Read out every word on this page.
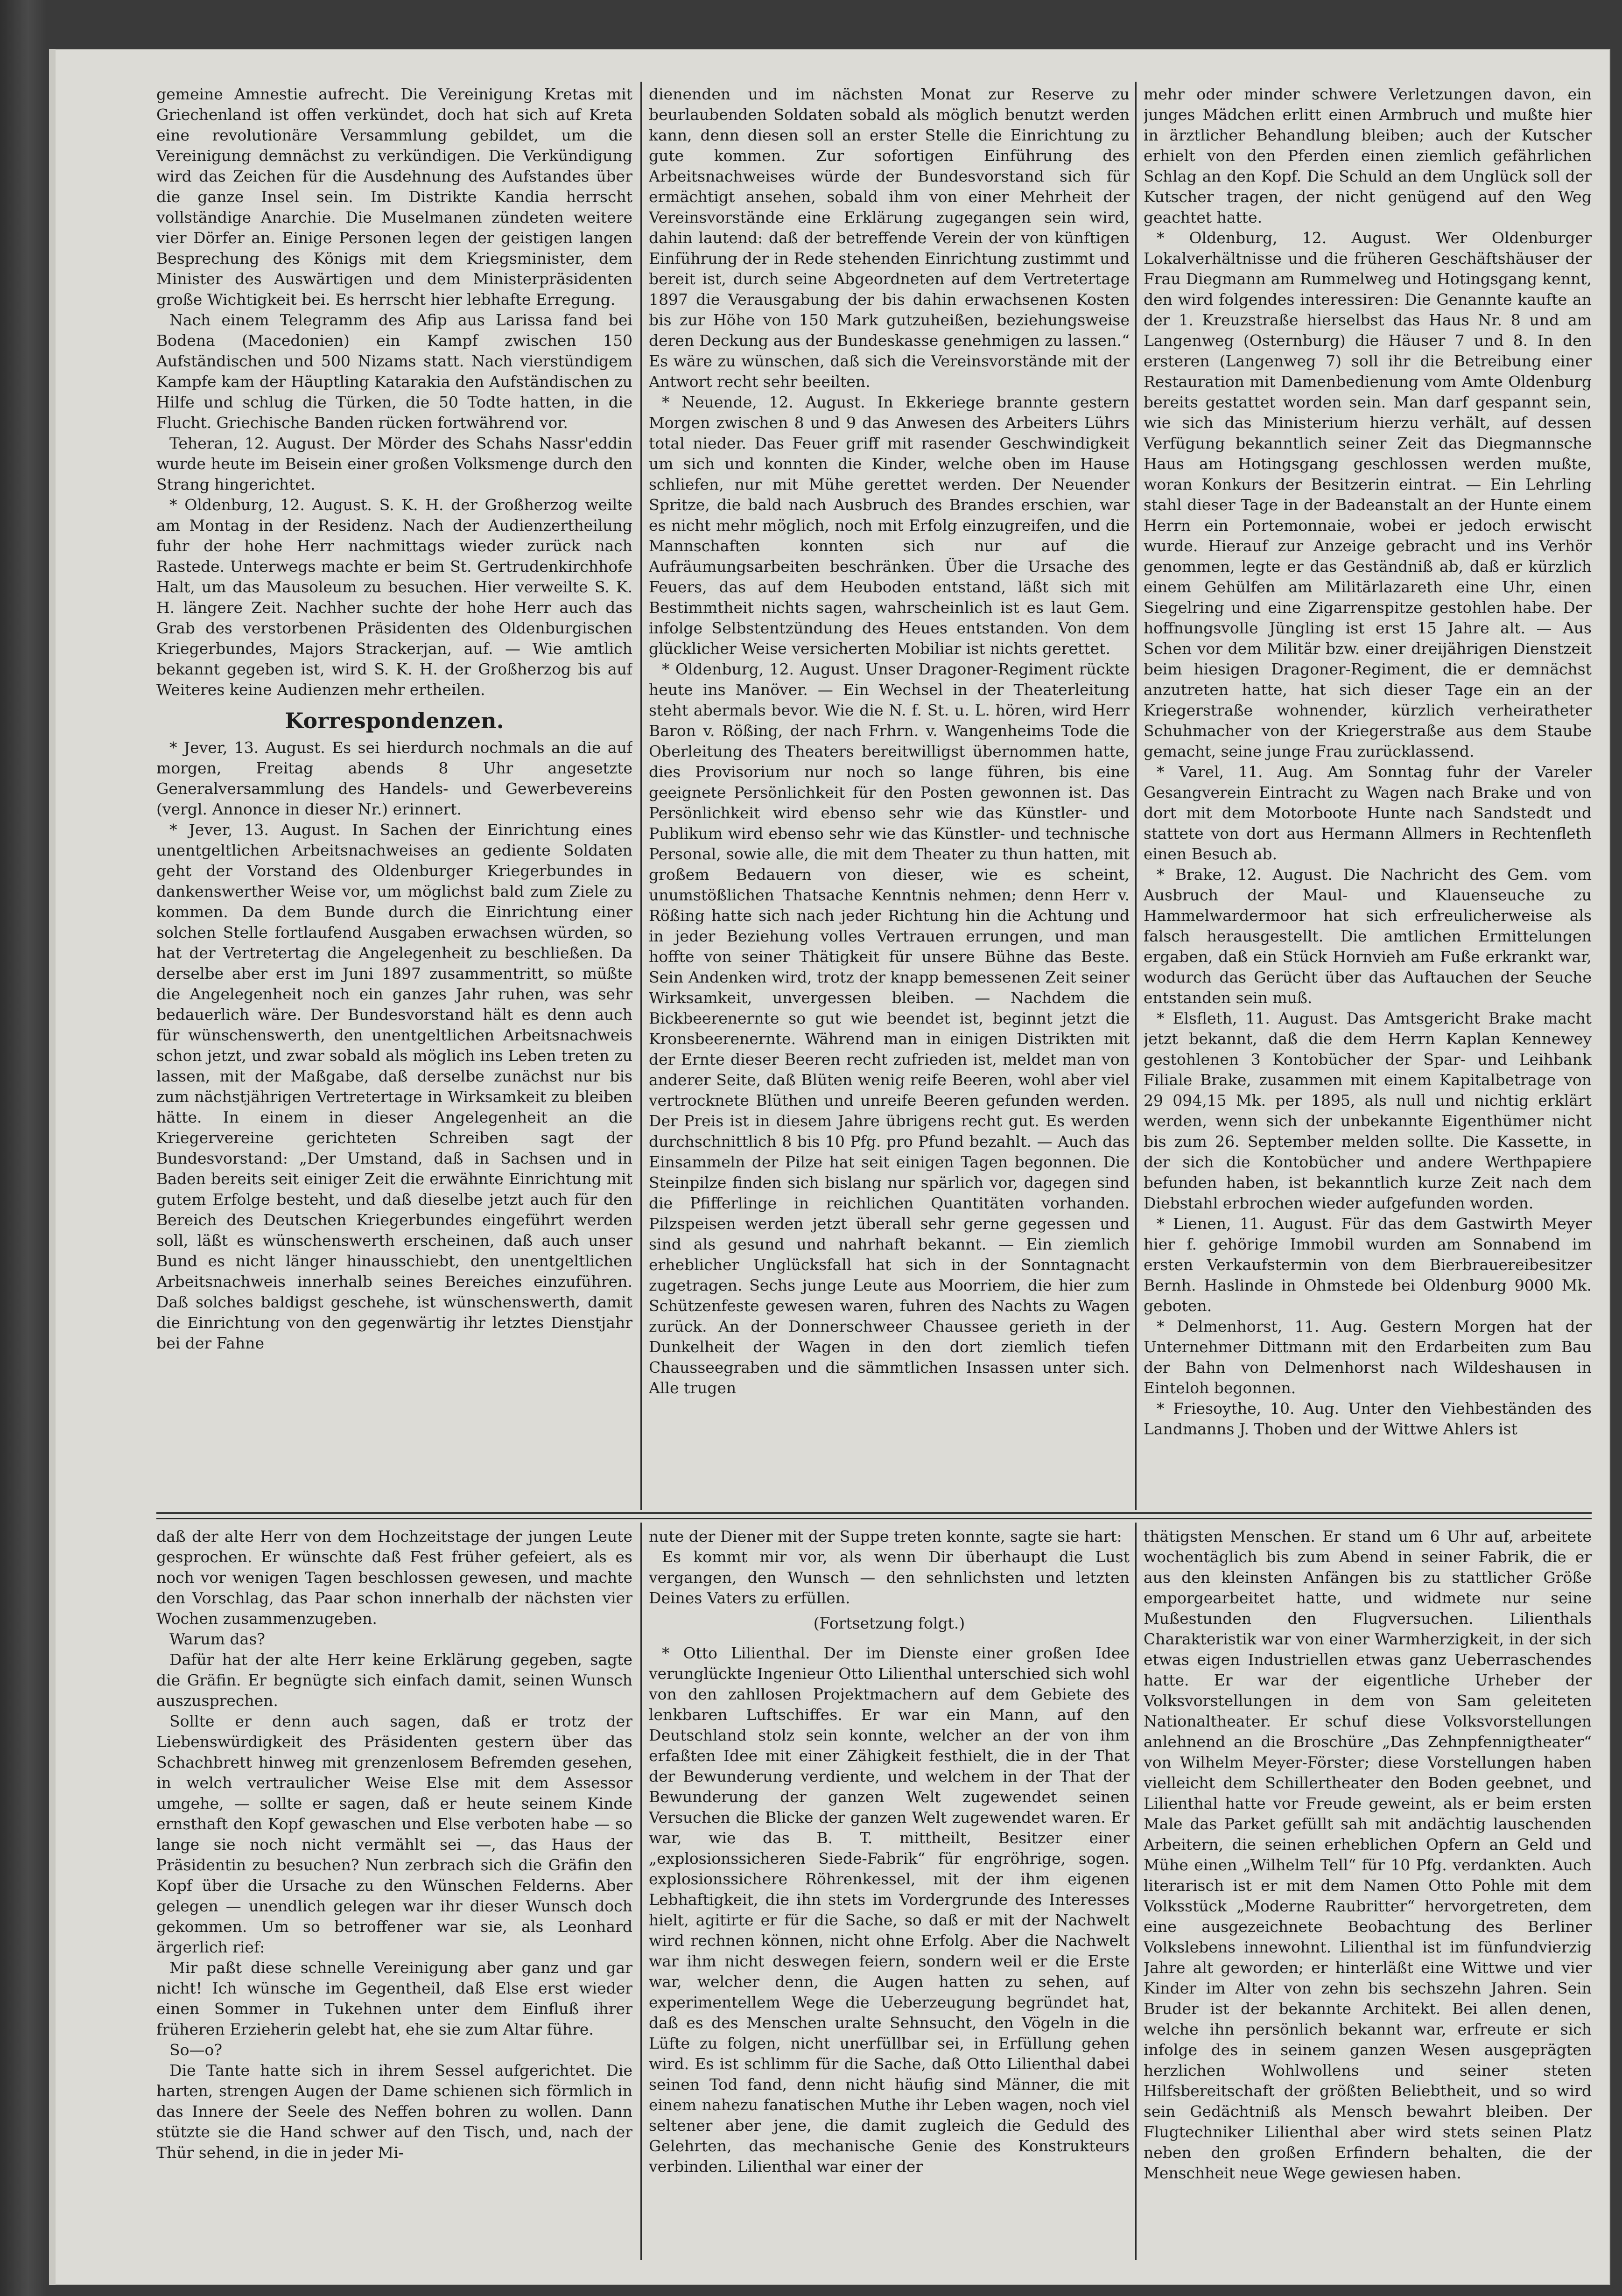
gemeine Amnestie aufrecht. Die Vereinigung Kretas mit Griechenland ist offen verkündet, doch hat sich auf Kreta eine revolutionäre Versammlung gebildet, um die Vereinigung demnächst zu verkündigen. Die Verkündigung wird das Zeichen für die Ausdehnung des Aufstandes über die ganze Insel sein. Im Distrikte Kandia herrscht vollständige Anarchie. Die Muselmanen zündeten weitere vier Dörfer an. Einige Personen legen der geistigen langen Besprechung des Königs mit dem Kriegsminister, dem Minister des Auswärtigen und dem Ministerpräsidenten große Wichtigkeit bei. Es herrscht hier lebhafte Erregung.

Nach einem Telegramm des Afip aus Larissa fand bei Bodena (Macedonien) ein Kampf zwischen 150 Aufständischen und 500 Nizams statt. Nach vierstündigem Kampfe kam der Häuptling Katarakia den Aufständischen zu Hilfe und schlug die Türken, die 50 Todte hatten, in die Flucht. Griechische Banden rücken fortwährend vor.

Teheran, 12. August. Der Mörder des Schahs Nassr'eddin wurde heute im Beisein einer großen Volksmenge durch den Strang hingerichtet.

* Oldenburg, 12. August. S. K. H. der Großherzog weilte am Montag in der Residenz. Nach der Audienzertheilung fuhr der hohe Herr nachmittags wieder zurück nach Rastede. Unterwegs machte er beim St. Gertrudenkirchhofe Halt, um das Mausoleum zu besuchen. Hier verweilte S. K. H. längere Zeit. Nachher suchte der hohe Herr auch das Grab des verstorbenen Präsidenten des Oldenburgischen Kriegerbundes, Majors Strackerjan, auf. — Wie amtlich bekannt gegeben ist, wird S. K. H. der Großherzog bis auf Weiteres keine Audienzen mehr ertheilen.

Korrespondenzen.

* Jever, 13. August. Es sei hierdurch nochmals an die auf morgen, Freitag abends 8 Uhr angesetzte Generalversammlung des Handels- und Gewerbevereins (vergl. Annonce in dieser Nr.) erinnert.

* Jever, 13. August. In Sachen der Einrichtung eines unentgeltlichen Arbeitsnachweises an gediente Soldaten geht der Vorstand des Oldenburger Kriegerbundes in dankenswerther Weise vor, um möglichst bald zum Ziele zu kommen. Da dem Bunde durch die Einrichtung einer solchen Stelle fortlaufend Ausgaben erwachsen würden, so hat der Vertretertag die Angelegenheit zu beschließen. Da derselbe aber erst im Juni 1897 zusammentritt, so müßte die Angelegenheit noch ein ganzes Jahr ruhen, was sehr bedauerlich wäre. Der Bundesvorstand hält es denn auch für wünschenswerth, den unentgeltlichen Arbeitsnachweis schon jetzt, und zwar sobald als möglich ins Leben treten zu lassen, mit der Maßgabe, daß derselbe zunächst nur bis zum nächstjährigen Vertretertage in Wirksamkeit zu bleiben hätte. In einem in dieser Angelegenheit an die Kriegervereine gerichteten Schreiben sagt der Bundesvorstand: „Der Umstand, daß in Sachsen und in Baden bereits seit einiger Zeit die erwähnte Einrichtung mit gutem Erfolge besteht, und daß dieselbe jetzt auch für den Bereich des Deutschen Kriegerbundes eingeführt werden soll, läßt es wünschenswerth erscheinen, daß auch unser Bund es nicht länger hinausschiebt, den unentgeltlichen Arbeitsnachweis innerhalb seines Bereiches einzuführen. Daß solches baldigst geschehe, ist wünschenswerth, damit die Einrichtung von den gegenwärtig ihr letztes Dienstjahr bei der Fahne

dienenden und im nächsten Monat zur Reserve zu beurlaubenden Soldaten sobald als möglich benutzt werden kann, denn diesen soll an erster Stelle die Einrichtung zu gute kommen. Zur sofortigen Einführung des Arbeitsnachweises würde der Bundesvorstand sich für ermächtigt ansehen, sobald ihm von einer Mehrheit der Vereinsvorstände eine Erklärung zugegangen sein wird, dahin lautend: daß der betreffende Verein der von künftigen Einführung der in Rede stehenden Einrichtung zustimmt und bereit ist, durch seine Abgeordneten auf dem Vertretertage 1897 die Verausgabung der bis dahin erwachsenen Kosten bis zur Höhe von 150 Mark gutzuheißen, beziehungsweise deren Deckung aus der Bundeskasse genehmigen zu lassen.“ Es wäre zu wünschen, daß sich die Vereinsvorstände mit der Antwort recht sehr beeilten.

* Neuende, 12. August. In Ekkeriege brannte gestern Morgen zwischen 8 und 9 das Anwesen des Arbeiters Lührs total nieder. Das Feuer griff mit rasender Geschwindigkeit um sich und konnten die Kinder, welche oben im Hause schliefen, nur mit Mühe gerettet werden. Der Neuender Spritze, die bald nach Ausbruch des Brandes erschien, war es nicht mehr möglich, noch mit Erfolg einzugreifen, und die Mannschaften konnten sich nur auf die Aufräumungsarbeiten beschränken. Über die Ursache des Feuers, das auf dem Heuboden entstand, läßt sich mit Bestimmtheit nichts sagen, wahrscheinlich ist es laut Gem. infolge Selbstentzündung des Heues entstanden. Von dem glücklicher Weise versicherten Mobiliar ist nichts gerettet.

* Oldenburg, 12. August. Unser Dragoner-Regiment rückte heute ins Manöver. — Ein Wechsel in der Theaterleitung steht abermals bevor. Wie die N. f. St. u. L. hören, wird Herr Baron v. Rößing, der nach Frhrn. v. Wangenheims Tode die Oberleitung des Theaters bereitwilligst übernommen hatte, dies Provisorium nur noch so lange führen, bis eine geeignete Persönlichkeit für den Posten gewonnen ist. Das Persönlichkeit wird ebenso sehr wie das Künstler- und Publikum wird ebenso sehr wie das Künstler- und technische Personal, sowie alle, die mit dem Theater zu thun hatten, mit großem Bedauern von dieser, wie es scheint, unumstößlichen Thatsache Kenntnis nehmen; denn Herr v. Rößing hatte sich nach jeder Richtung hin die Achtung und in jeder Beziehung volles Vertrauen errungen, und man hoffte von seiner Thätigkeit für unsere Bühne das Beste. Sein Andenken wird, trotz der knapp bemessenen Zeit seiner Wirksamkeit, unvergessen bleiben. — Nachdem die Bickbeerenernte so gut wie beendet ist, beginnt jetzt die Kronsbeerenernte. Während man in einigen Distrikten mit der Ernte dieser Beeren recht zufrieden ist, meldet man von anderer Seite, daß Blüten wenig reife Beeren, wohl aber viel vertrocknete Blüthen und unreife Beeren gefunden werden. Der Preis ist in diesem Jahre übrigens recht gut. Es werden durchschnittlich 8 bis 10 Pfg. pro Pfund bezahlt. — Auch das Einsammeln der Pilze hat seit einigen Tagen begonnen. Die Steinpilze finden sich bislang nur spärlich vor, dagegen sind die Pfifferlinge in reichlichen Quantitäten vorhanden. Pilzspeisen werden jetzt überall sehr gerne gegessen und sind als gesund und nahrhaft bekannt. — Ein ziemlich erheblicher Unglücksfall hat sich in der Sonntagnacht zugetragen. Sechs junge Leute aus Moorriem, die hier zum Schützenfeste gewesen waren, fuhren des Nachts zu Wagen zurück. An der Donnerschweer Chaussee gerieth in der Dunkelheit der Wagen in den dort ziemlich tiefen Chausseegraben und die sämmtlichen Insassen unter sich. Alle trugen

mehr oder minder schwere Verletzungen davon, ein junges Mädchen erlitt einen Armbruch und mußte hier in ärztlicher Behandlung bleiben; auch der Kutscher erhielt von den Pferden einen ziemlich gefährlichen Schlag an den Kopf. Die Schuld an dem Unglück soll der Kutscher tragen, der nicht genügend auf den Weg geachtet hatte.

* Oldenburg, 12. August. Wer Oldenburger Lokalverhältnisse und die früheren Geschäftshäuser der Frau Diegmann am Rummelweg und Hotingsgang kennt, den wird folgendes interessiren: Die Genannte kaufte an der 1. Kreuzstraße hierselbst das Haus Nr. 8 und am Langenweg (Osternburg) die Häuser 7 und 8. In den ersteren (Langenweg 7) soll ihr die Betreibung einer Restauration mit Damenbedienung vom Amte Oldenburg bereits gestattet worden sein. Man darf gespannt sein, wie sich das Ministerium hierzu verhält, auf dessen Verfügung bekanntlich seiner Zeit das Diegmannsche Haus am Hotingsgang geschlossen werden mußte, woran Konkurs der Besitzerin eintrat. — Ein Lehrling stahl dieser Tage in der Badeanstalt an der Hunte einem Herrn ein Portemonnaie, wobei er jedoch erwischt wurde. Hierauf zur Anzeige gebracht und ins Verhör genommen, legte er das Geständniß ab, daß er kürzlich einem Gehülfen am Militärlazareth eine Uhr, einen Siegelring und eine Zigarrenspitze gestohlen habe. Der hoffnungsvolle Jüngling ist erst 15 Jahre alt. — Aus Schen vor dem Militär bzw. einer dreijährigen Dienstzeit beim hiesigen Dragoner-Regiment, die er demnächst anzutreten hatte, hat sich dieser Tage ein an der Kriegerstraße wohnender, kürzlich verheiratheter Schuhmacher von der Kriegerstraße aus dem Staube gemacht, seine junge Frau zurücklassend.

* Varel, 11. Aug. Am Sonntag fuhr der Vareler Gesangverein Eintracht zu Wagen nach Brake und von dort mit dem Motorboote Hunte nach Sandstedt und stattete von dort aus Hermann Allmers in Rechtenfleth einen Besuch ab.

* Brake, 12. August. Die Nachricht des Gem. vom Ausbruch der Maul- und Klauenseuche zu Hammelwardermoor hat sich erfreulicherweise als falsch herausgestellt. Die amtlichen Ermittelungen ergaben, daß ein Stück Hornvieh am Fuße erkrankt war, wodurch das Gerücht über das Auftauchen der Seuche entstanden sein muß.

* Elsfleth, 11. August. Das Amtsgericht Brake macht jetzt bekannt, daß die dem Herrn Kaplan Kennewey gestohlenen 3 Kontobücher der Spar- und Leihbank Filiale Brake, zusammen mit einem Kapitalbetrage von 29 094,15 Mk. per 1895, als null und nichtig erklärt werden, wenn sich der unbekannte Eigenthümer nicht bis zum 26. September melden sollte. Die Kassette, in der sich die Kontobücher und andere Werthpapiere befunden haben, ist bekanntlich kurze Zeit nach dem Diebstahl erbrochen wieder aufgefunden worden.

* Lienen, 11. August. Für das dem Gastwirth Meyer hier f. gehörige Immobil wurden am Sonnabend im ersten Verkaufstermin von dem Bierbrauereibesitzer Bernh. Haslinde in Ohmstede bei Oldenburg 9000 Mk. geboten.

* Delmenhorst, 11. Aug. Gestern Morgen hat der Unternehmer Dittmann mit den Erdarbeiten zum Bau der Bahn von Delmenhorst nach Wildeshausen in Einteloh begonnen.

* Friesoythe, 10. Aug. Unter den Viehbeständen des Landmanns J. Thoben und der Wittwe Ahlers ist

daß der alte Herr von dem Hochzeitstage der jungen Leute gesprochen. Er wünschte daß Fest früher gefeiert, als es noch vor wenigen Tagen beschlossen gewesen, und machte den Vorschlag, das Paar schon innerhalb der nächsten vier Wochen zusammenzugeben.

Warum das?

Dafür hat der alte Herr keine Erklärung gegeben, sagte die Gräfin. Er begnügte sich einfach damit, seinen Wunsch auszusprechen.

Sollte er denn auch sagen, daß er trotz der Liebenswürdigkeit des Präsidenten gestern über das Schachbrett hinweg mit grenzenlosem Befremden gesehen, in welch vertraulicher Weise Else mit dem Assessor umgehe, — sollte er sagen, daß er heute seinem Kinde ernsthaft den Kopf gewaschen und Else verboten habe — so lange sie noch nicht vermählt sei —, das Haus der Präsidentin zu besuchen? Nun zerbrach sich die Gräfin den Kopf über die Ursache zu den Wünschen Felderns. Aber gelegen — unendlich gelegen war ihr dieser Wunsch doch gekommen. Um so betroffener war sie, als Leonhard ärgerlich rief:

Mir paßt diese schnelle Vereinigung aber ganz und gar nicht! Ich wünsche im Gegentheil, daß Else erst wieder einen Sommer in Tukehnen unter dem Einfluß ihrer früheren Erzieherin gelebt hat, ehe sie zum Altar führe.

So—o?

Die Tante hatte sich in ihrem Sessel aufgerichtet. Die harten, strengen Augen der Dame schienen sich förmlich in das Innere der Seele des Neffen bohren zu wollen. Dann stützte sie die Hand schwer auf den Tisch, und, nach der Thür sehend, in die in jeder Mi-

nute der Diener mit der Suppe treten konnte, sagte sie hart:

Es kommt mir vor, als wenn Dir überhaupt die Lust vergangen, den Wunsch — den sehnlichsten und letzten Deines Vaters zu erfüllen.

(Fortsetzung folgt.)

* Otto Lilienthal. Der im Dienste einer großen Idee verunglückte Ingenieur Otto Lilienthal unterschied sich wohl von den zahllosen Projektmachern auf dem Gebiete des lenkbaren Luftschiffes. Er war ein Mann, auf den Deutschland stolz sein konnte, welcher an der von ihm erfaßten Idee mit einer Zähigkeit festhielt, die in der That der Bewunderung verdiente, und welchem in der That der Bewunderung der ganzen Welt zugewendet seinen Versuchen die Blicke der ganzen Welt zugewendet waren. Er war, wie das B. T. mittheilt, Besitzer einer „explosionssicheren Siede-Fabrik“ für engröhrige, sogen. explosionssichere Röhrenkessel, mit der ihm eigenen Lebhaftigkeit, die ihn stets im Vordergrunde des Interesses hielt, agitirte er für die Sache, so daß er mit der Nachwelt wird rechnen können, nicht ohne Erfolg. Aber die Nachwelt war ihm nicht deswegen feiern, sondern weil er die Erste war, welcher denn, die Augen hatten zu sehen, auf experimentellem Wege die Ueberzeugung begründet hat, daß es des Menschen uralte Sehnsucht, den Vögeln in die Lüfte zu folgen, nicht unerfüllbar sei, in Erfüllung gehen wird. Es ist schlimm für die Sache, daß Otto Lilienthal dabei seinen Tod fand, denn nicht häufig sind Männer, die mit einem nahezu fanatischen Muthe ihr Leben wagen, noch viel seltener aber jene, die damit zugleich die Geduld des Gelehrten, das mechanische Genie des Konstrukteurs verbinden. Lilienthal war einer der

thätigsten Menschen. Er stand um 6 Uhr auf, arbeitete wochentäglich bis zum Abend in seiner Fabrik, die er aus den kleinsten Anfängen bis zu stattlicher Größe emporgearbeitet hatte, und widmete nur seine Mußestunden den Flugversuchen. Lilienthals Charakteristik war von einer Warmherzigkeit, in der sich etwas eigen Industriellen etwas ganz Ueberraschendes hatte. Er war der eigentliche Urheber der Volksvorstellungen in dem von Sam geleiteten Nationaltheater. Er schuf diese Volksvorstellungen anlehnend an die Broschüre „Das Zehnpfennigtheater“ von Wilhelm Meyer-Förster; diese Vorstellungen haben vielleicht dem Schillertheater den Boden geebnet, und Lilienthal hatte vor Freude geweint, als er beim ersten Male das Parket gefüllt sah mit andächtig lauschenden Arbeitern, die seinen erheblichen Opfern an Geld und Mühe einen „Wilhelm Tell“ für 10 Pfg. verdankten. Auch literarisch ist er mit dem Namen Otto Pohle mit dem Volksstück „Moderne Raubritter“ hervorgetreten, dem eine ausgezeichnete Beobachtung des Berliner Volkslebens innewohnt. Lilienthal ist im fünfundvierzig Jahre alt geworden; er hinterläßt eine Wittwe und vier Kinder im Alter von zehn bis sechszehn Jahren. Sein Bruder ist der bekannte Architekt. Bei allen denen, welche ihn persönlich bekannt war, erfreute er sich infolge des in seinem ganzen Wesen ausgeprägten herzlichen Wohlwollens und seiner steten Hilfsbereitschaft der größten Beliebtheit, und so wird sein Gedächtniß als Mensch bewahrt bleiben. Der Flugtechniker Lilienthal aber wird stets seinen Platz neben den großen Erfindern behalten, die der Menschheit neue Wege gewiesen haben.
